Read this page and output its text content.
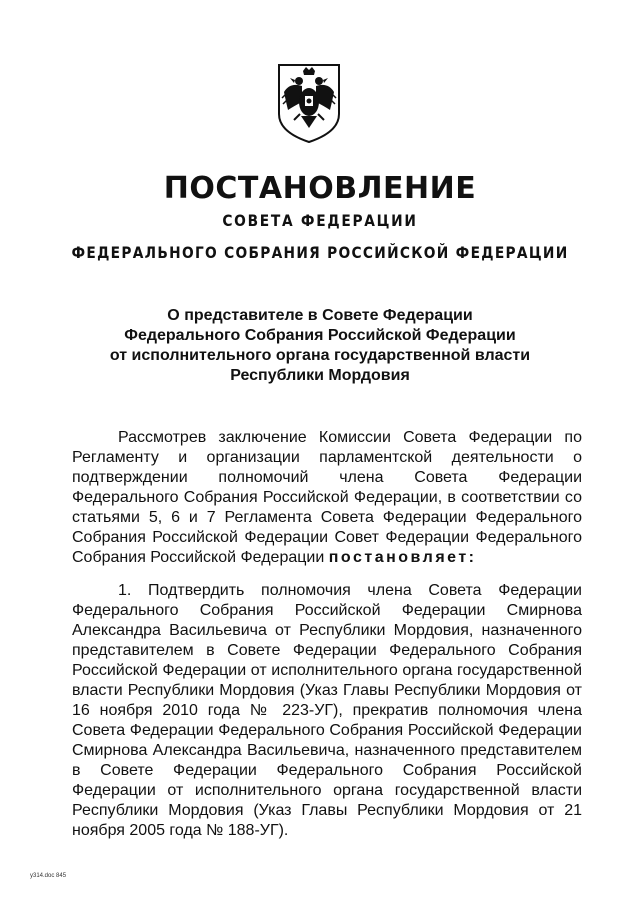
ПОСТАНОВЛЕНИЕ
СОВЕТА ФЕДЕРАЦИИ
ФЕДЕРАЛЬНОГО СОБРАНИЯ РОССИЙСКОЙ ФЕДЕРАЦИИ
О представителе в Совете Федерации
Федерального Собрания Российской Федерации
от исполнительного органа государственной власти
Республики Мордовия
Рассмотрев заключение Комиссии Совета Федерации по Регламенту и организации парламентской деятельности о подтверждении полномочий члена Совета Федерации Федерального Собрания Российской Федерации, в соответствии со статьями 5, 6 и 7 Регламента Совета Федерации Федерального Собрания Российской Федерации Совет Федерации Федерального Собрания Российской Федерации постановляет:
1. Подтвердить полномочия члена Совета Федерации Федерального Собрания Российской Федерации Смирнова Александра Васильевича от Республики Мордовия, назначенного представителем в Совете Федерации Федерального Собрания Российской Федерации от исполнительного органа государственной власти Республики Мордовия (Указ Главы Республики Мордовия от 16 ноября 2010 года № 223-УГ), прекратив полномочия члена Совета Федерации Федерального Собрания Российской Федерации Смирнова Александра Васильевича, назначенного представителем в Совете Федерации Федерального Собрания Российской Федерации от исполнительного органа государственной власти Республики Мордовия (Указ Главы Республики Мордовия от 21 ноября 2005 года № 188-УГ).
у314.doc 845
